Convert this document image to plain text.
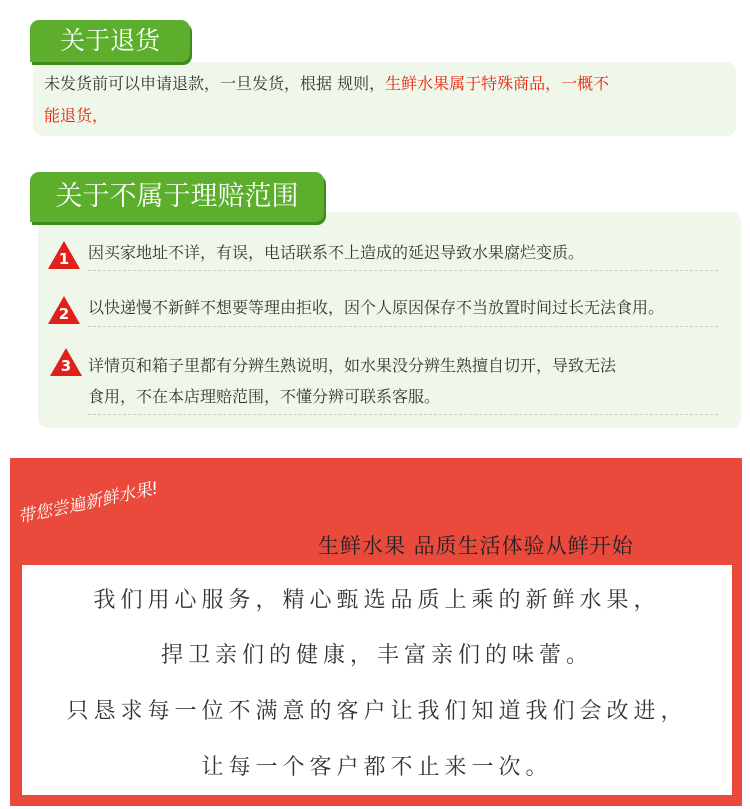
关于退货
未发货前可以申请退款，一旦发货，根据 规则，生鲜水果属于特殊商品，一概不
能退货，
关于不属于理赔范围
1	因买家地址不详，有误，电话联系不上造成的延迟导致水果腐烂变质。
2	以快递慢不新鲜不想要等理由拒收，因个人原因保存不当放置时间过长无法食用。
3	详情页和箱子里都有分辨生熟说明，如水果没分辨生熟擅自切开，导致无法
食用，不在本店理赔范围，不懂分辨可联系客服。
带您尝遍新鲜水果!
生鲜水果 品质生活体验从鲜开始
我们用心服务，精心甄选品质上乘的新鲜水果，
捍卫亲们的健康，丰富亲们的味蕾。
只恳求每一位不满意的客户让我们知道我们会改进，
让每一个客户都不止来一次。
